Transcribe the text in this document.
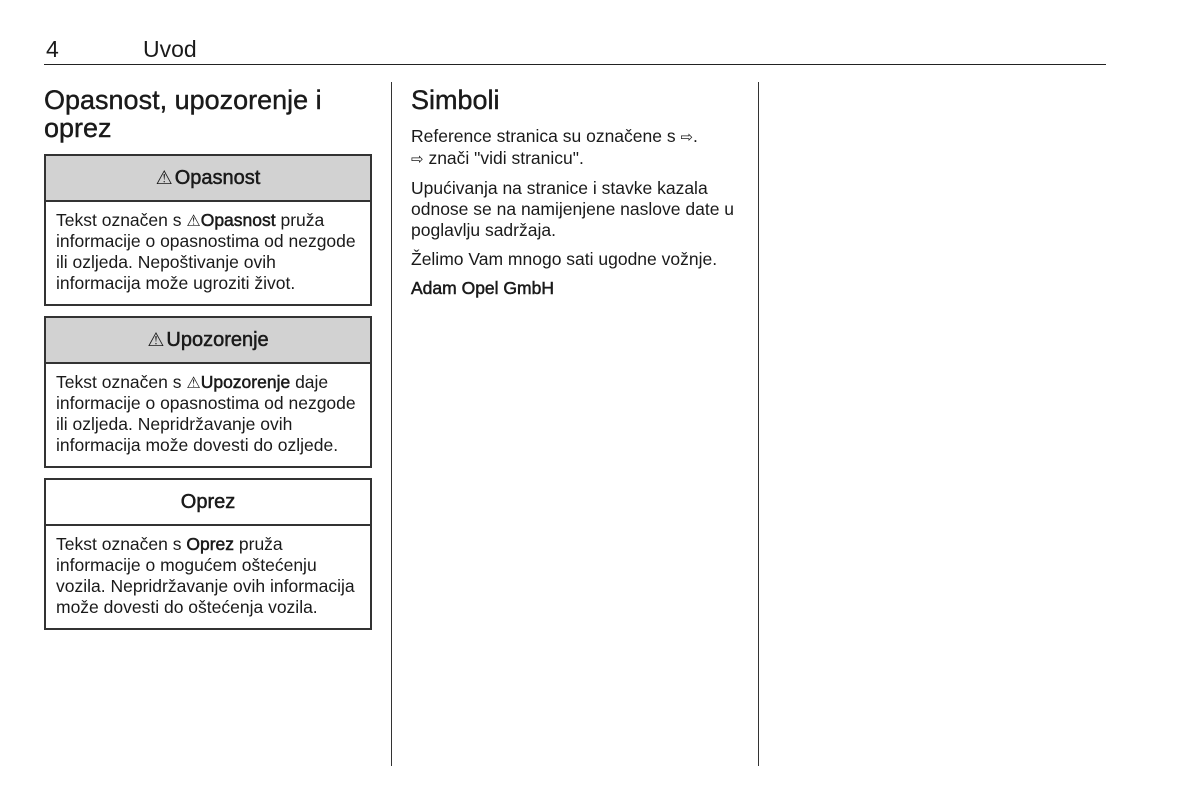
4	Uvod
Opasnost, upozorenje i oprez
⚠ Opasnost
Tekst označen s ⚠Opasnost pruža informacije o opasnostima od nezgode ili ozljeda. Nepoštivanje ovih informacija može ugroziti život.
⚠ Upozorenje
Tekst označen s ⚠Upozorenje daje informacije o opasnostima od nezgode ili ozljeda. Nepridržavanje ovih informacija može dovesti do ozljede.
Oprez
Tekst označen s Oprez pruža informacije o mogućem oštećenju vozila. Nepridržavanje ovih informacija može dovesti do oštećenja vozila.
Simboli

Reference stranica su označene s ⇨.
⇨ znači "vidi stranicu".

Upućivanja na stranice i stavke kazala odnose se na namijenjene naslove date u poglavlju sadržaja.

Želimo Vam mnogo sati ugodne vožnje.

Adam Opel GmbH
